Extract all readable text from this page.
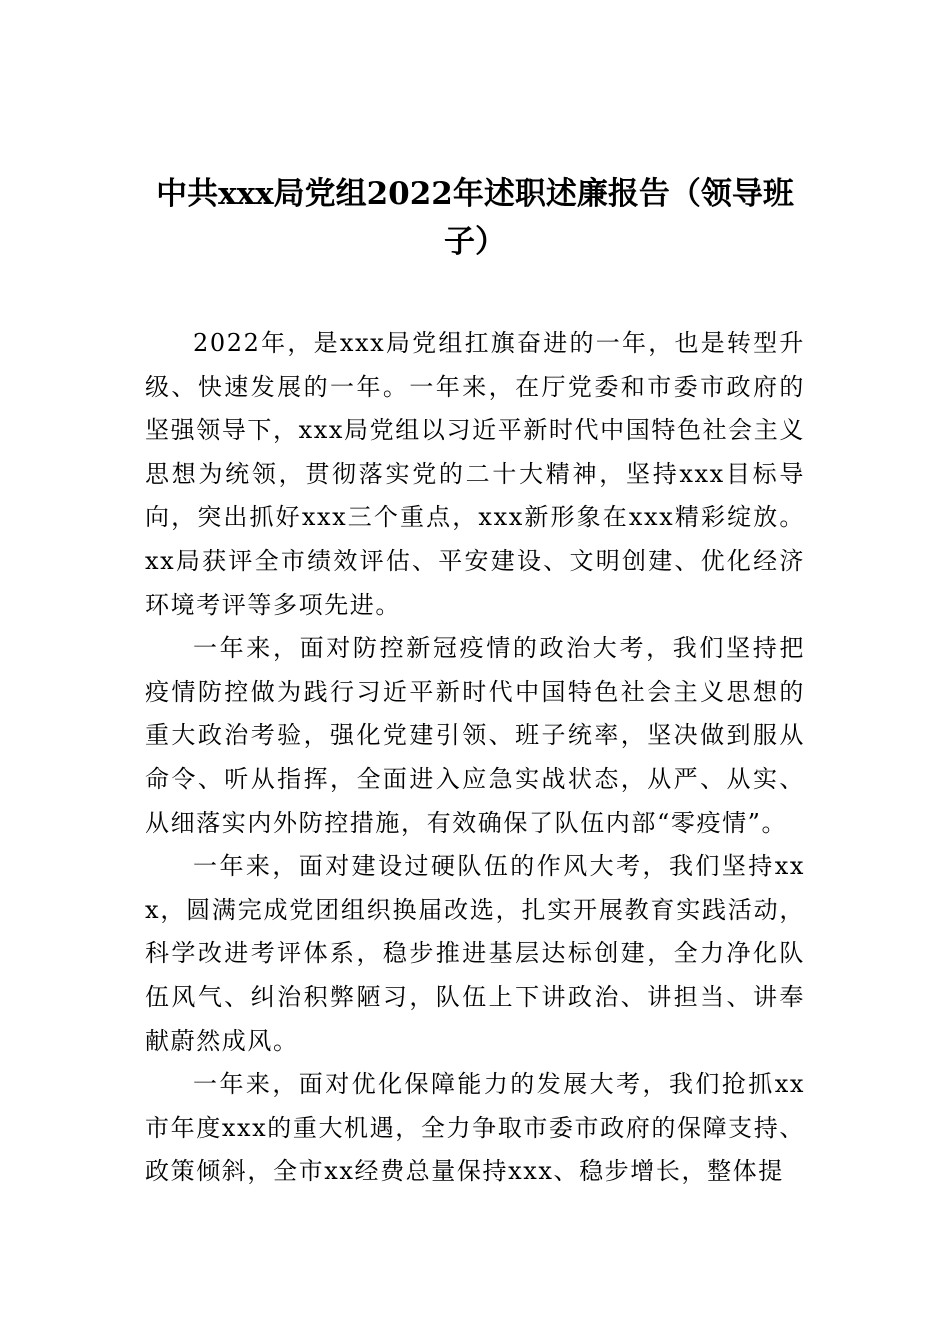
中共xxx局党组2022年述职述廉报告（领导班子）

2022年，是xxx局党组扛旗奋进的一年，也是转型升级、快速发展的一年。一年来，在厅党委和市委市政府的坚强领导下，xxx局党组以习近平新时代中国特色社会主义思想为统领，贯彻落实党的二十大精神，坚持xxx目标导向，突出抓好xxx三个重点，xxx新形象在xxx精彩绽放。xx局获评全市绩效评估、平安建设、文明创建、优化经济环境考评等多项先进。

一年来，面对防控新冠疫情的政治大考，我们坚持把疫情防控做为践行习近平新时代中国特色社会主义思想的重大政治考验，强化党建引领、班子统率，坚决做到服从命令、听从指挥，全面进入应急实战状态，从严、从实、从细落实内外防控措施，有效确保了队伍内部“零疫情”。

一年来，面对建设过硬队伍的作风大考，我们坚持xxx，圆满完成党团组织换届改选，扎实开展教育实践活动，科学改进考评体系，稳步推进基层达标创建，全力净化队伍风气、纠治积弊陋习，队伍上下讲政治、讲担当、讲奉献蔚然成风。

一年来，面对优化保障能力的发展大考，我们抢抓xx市年度xxx的重大机遇，全力争取市委市政府的保障支持、政策倾斜，全市xx经费总量保持xxx、稳步增长，整体提
